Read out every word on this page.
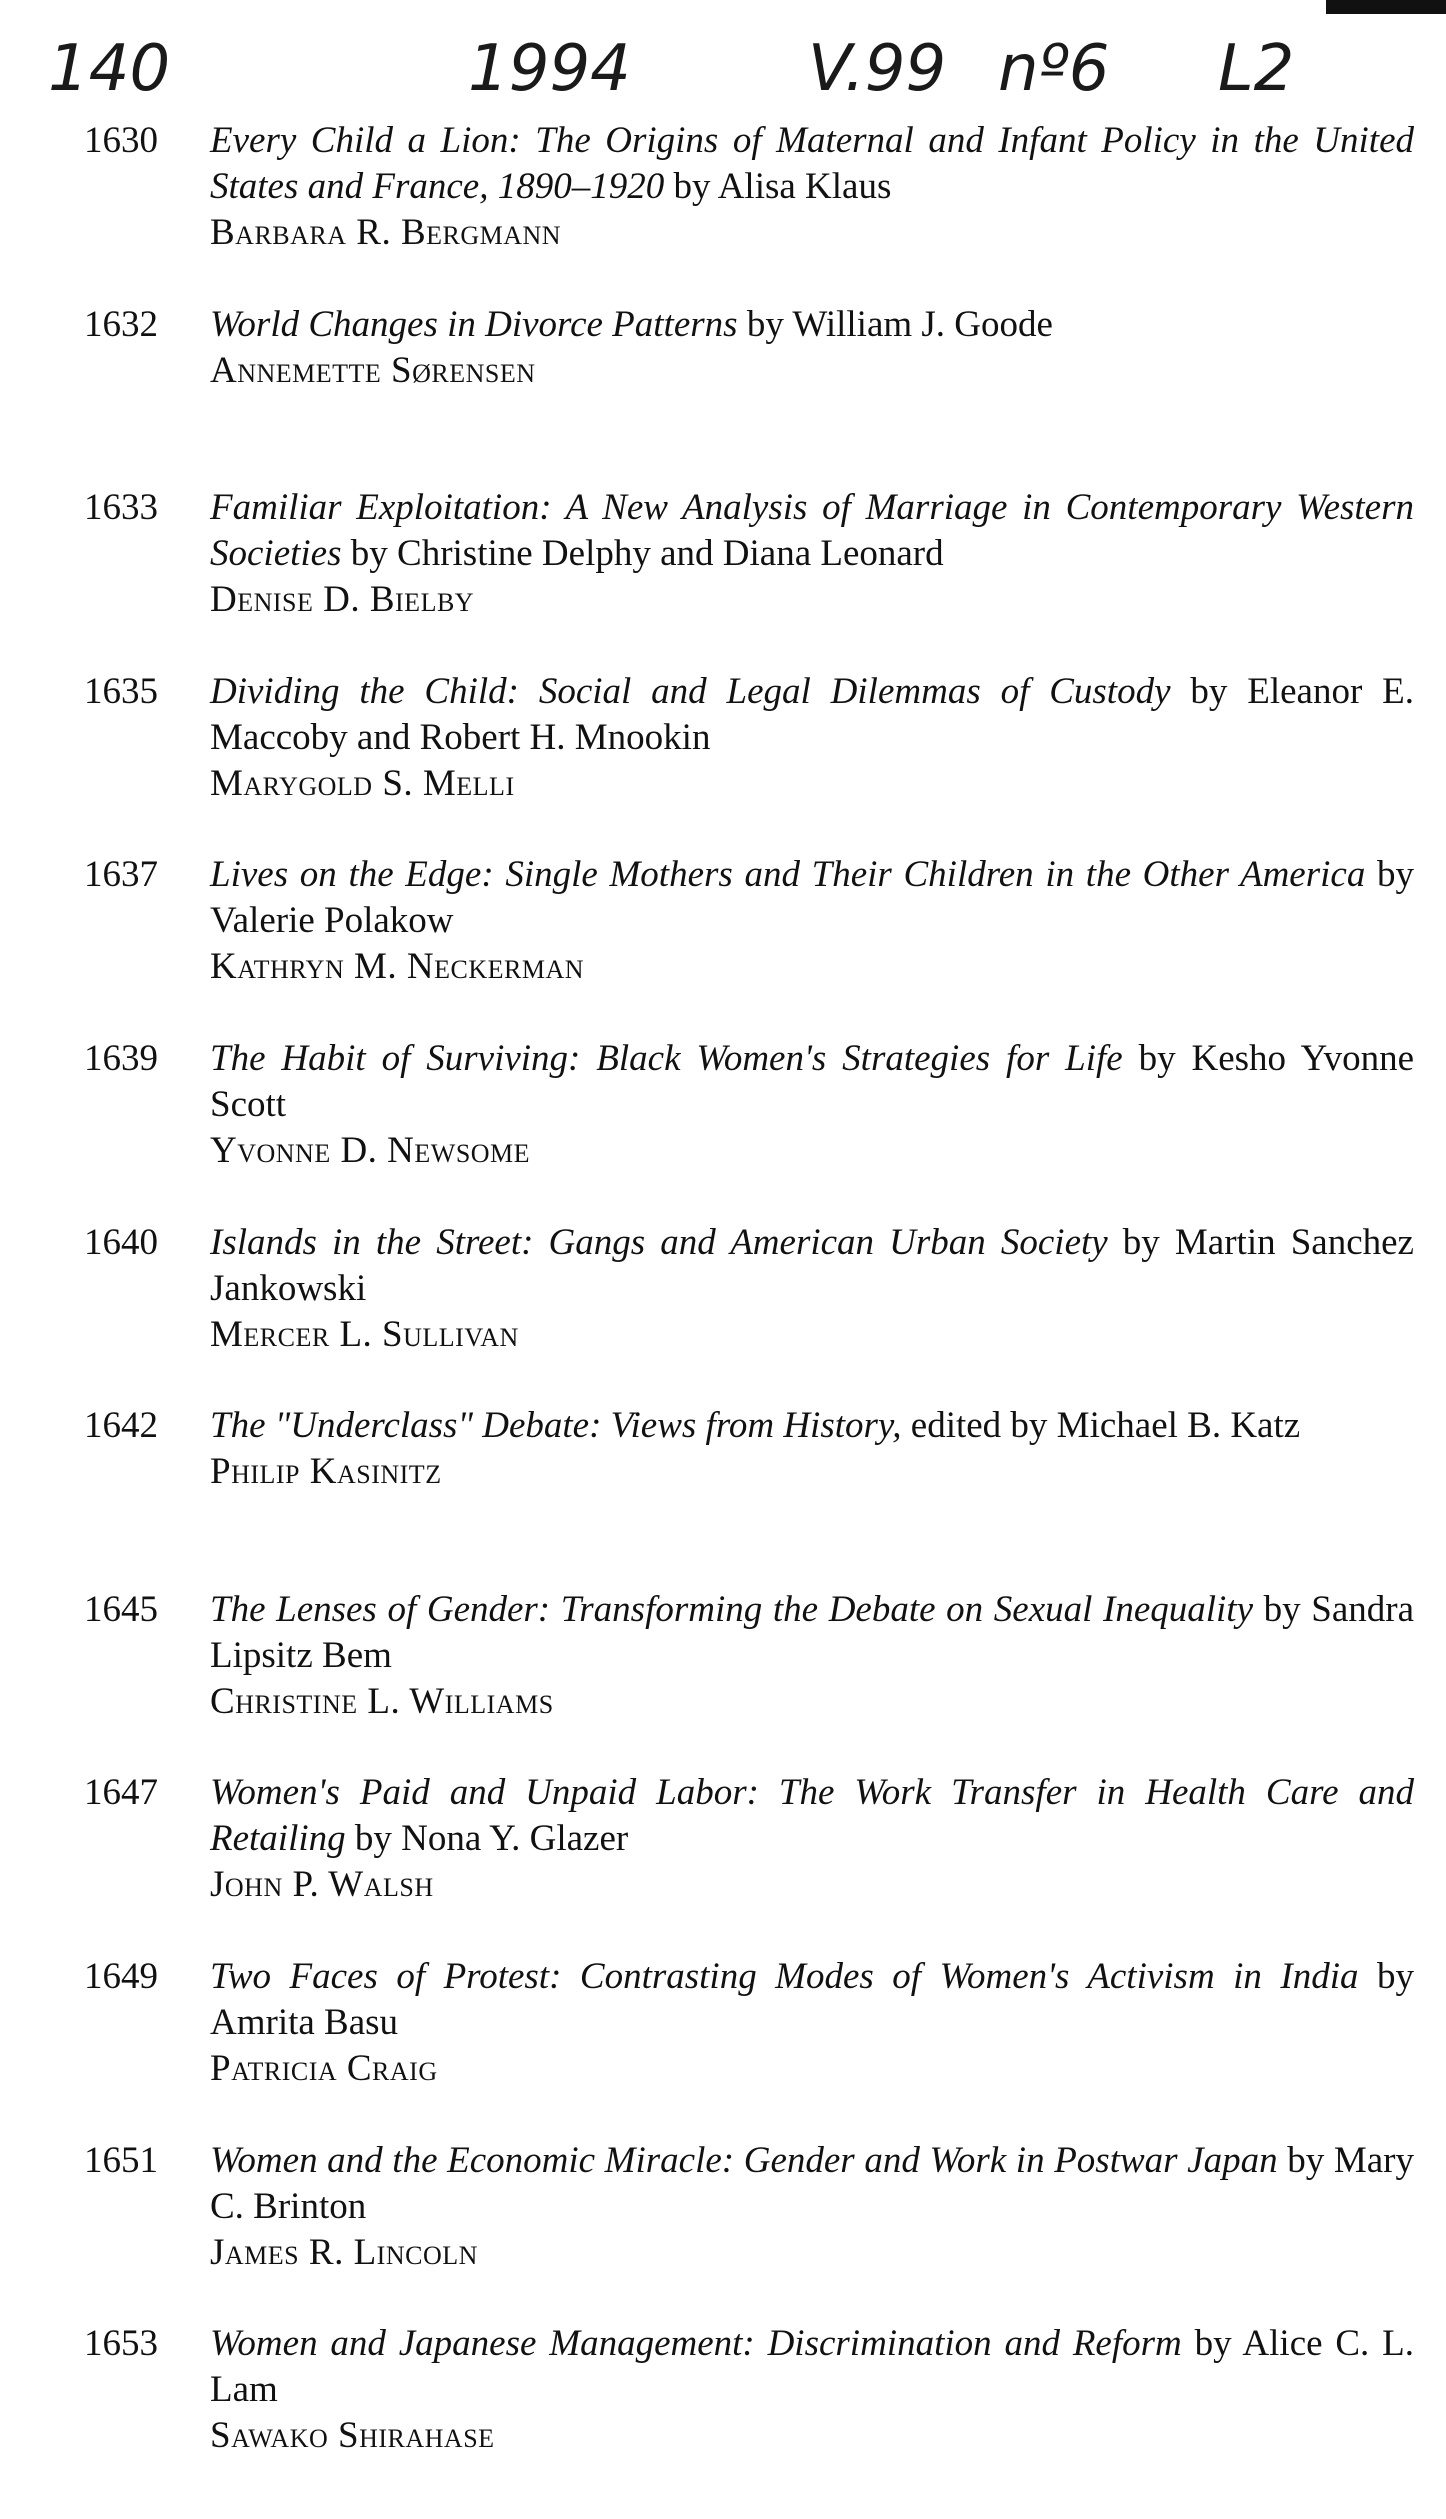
140	1994	V.99 nº6 L2
1630	Every Child a Lion: The Origins of Maternal and Infant Policy in the United States and France, 1890–1920 by Alisa Klaus

Barbara R. Bergmann
1632	World Changes in Divorce Patterns by William J. Goode

Annemette Sørensen
1633	Familiar Exploitation: A New Analysis of Marriage in Contemporary Western Societies by Christine Delphy and Diana Leonard

Denise D. Bielby
1635	Dividing the Child: Social and Legal Dilemmas of Custody by Eleanor E. Maccoby and Robert H. Mnookin

Marygold S. Melli
1637	Lives on the Edge: Single Mothers and Their Children in the Other America by Valerie Polakow

Kathryn M. Neckerman
1639	The Habit of Surviving: Black Women's Strategies for Life by Kesho Yvonne Scott

Yvonne D. Newsome
1640	Islands in the Street: Gangs and American Urban Society by Martin Sanchez Jankowski

Mercer L. Sullivan
1642	The "Underclass" Debate: Views from History, edited by Michael B. Katz

Philip Kasinitz
1645	The Lenses of Gender: Transforming the Debate on Sexual Inequality by Sandra Lipsitz Bem

Christine L. Williams
1647	Women's Paid and Unpaid Labor: The Work Transfer in Health Care and Retailing by Nona Y. Glazer

John P. Walsh
1649	Two Faces of Protest: Contrasting Modes of Women's Activism in India by Amrita Basu

Patricia Craig
1651	Women and the Economic Miracle: Gender and Work in Postwar Japan by Mary C. Brinton

James R. Lincoln
1653	Women and Japanese Management: Discrimination and Reform by Alice C. L. Lam

Sawako Shirahase
